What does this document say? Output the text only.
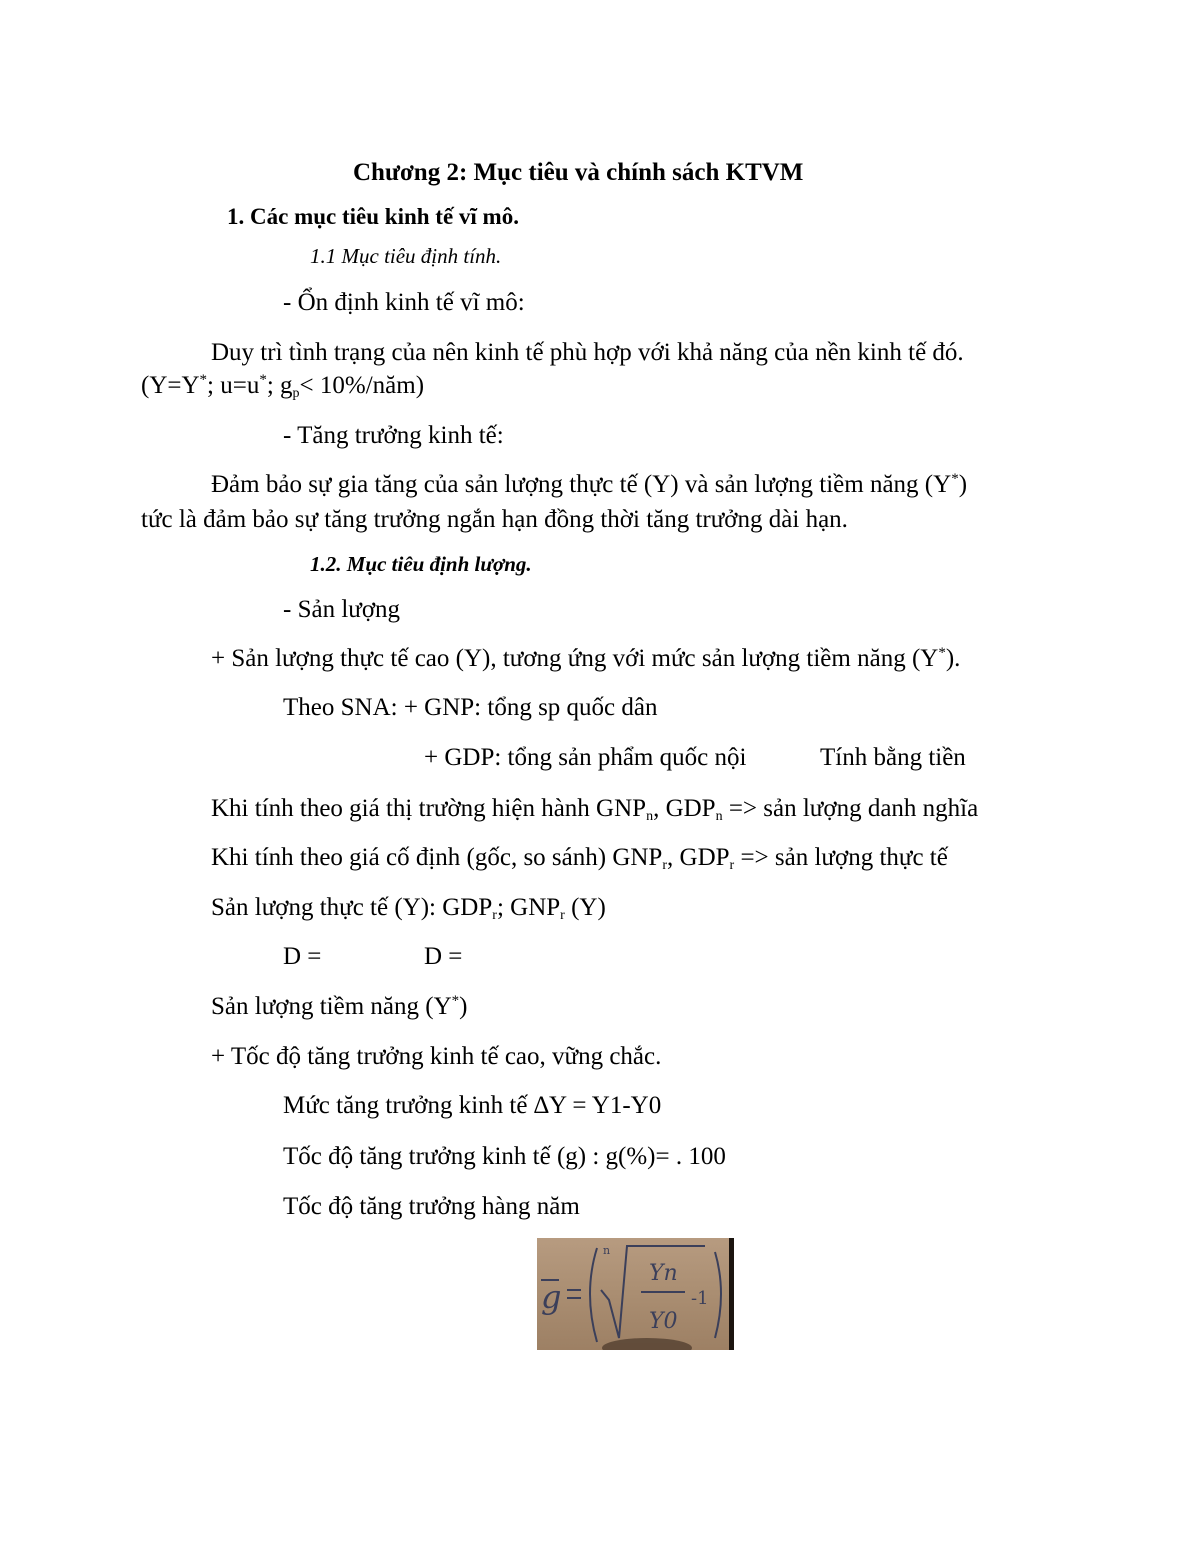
Chương 2: Mục tiêu và chính sách KTVM
1. Các mục tiêu kinh tế vĩ mô.
1.1 Mục tiêu định tính.
- Ổn định kinh tế vĩ mô:
Duy trì tình trạng của nên kinh tế phù hợp với khả năng của nền kinh tế đó.
(Y=Y*; u=u*; $g_p<$ 10%/năm)
- Tăng trưởng kinh tế:
Đảm bảo sự gia tăng của sản lượng thực tế (Y) và sản lượng tiềm năng (Y*)
tức là đảm bảo sự tăng trưởng ngắn hạn đồng thời tăng trưởng dài hạn.
1.2. Mục tiêu định lượng.
- Sản lượng
+ Sản lượng thực tế cao (Y), tương ứng với mức sản lượng tiềm năng (Y*).
Theo SNA: + GNP: tổng sp quốc dân
+ GDP: tổng sản phẩm quốc nội	Tính bằng tiền
Khi tính theo giá thị trường hiện hành $GNP_n$, $GDP_n$ => sản lượng danh nghĩa
Khi tính theo giá cố định (gốc, so sánh) $GNP_r$, $GDP_r$ => sản lượng thực tế
Sản lượng thực tế (Y): $GDP_r$; $GNP_r$ (Y)
D =	D =
Sản lượng tiềm năng (Y*)
+ Tốc độ tăng trưởng kinh tế cao, vững chắc.
Mức tăng trưởng kinh tế ∆Y = Y1-Y0
Tốc độ tăng trưởng kinh tế (g) : g(%)= . 100
Tốc độ tăng trưởng hàng năm
g
n
Yn
Y0
-1
